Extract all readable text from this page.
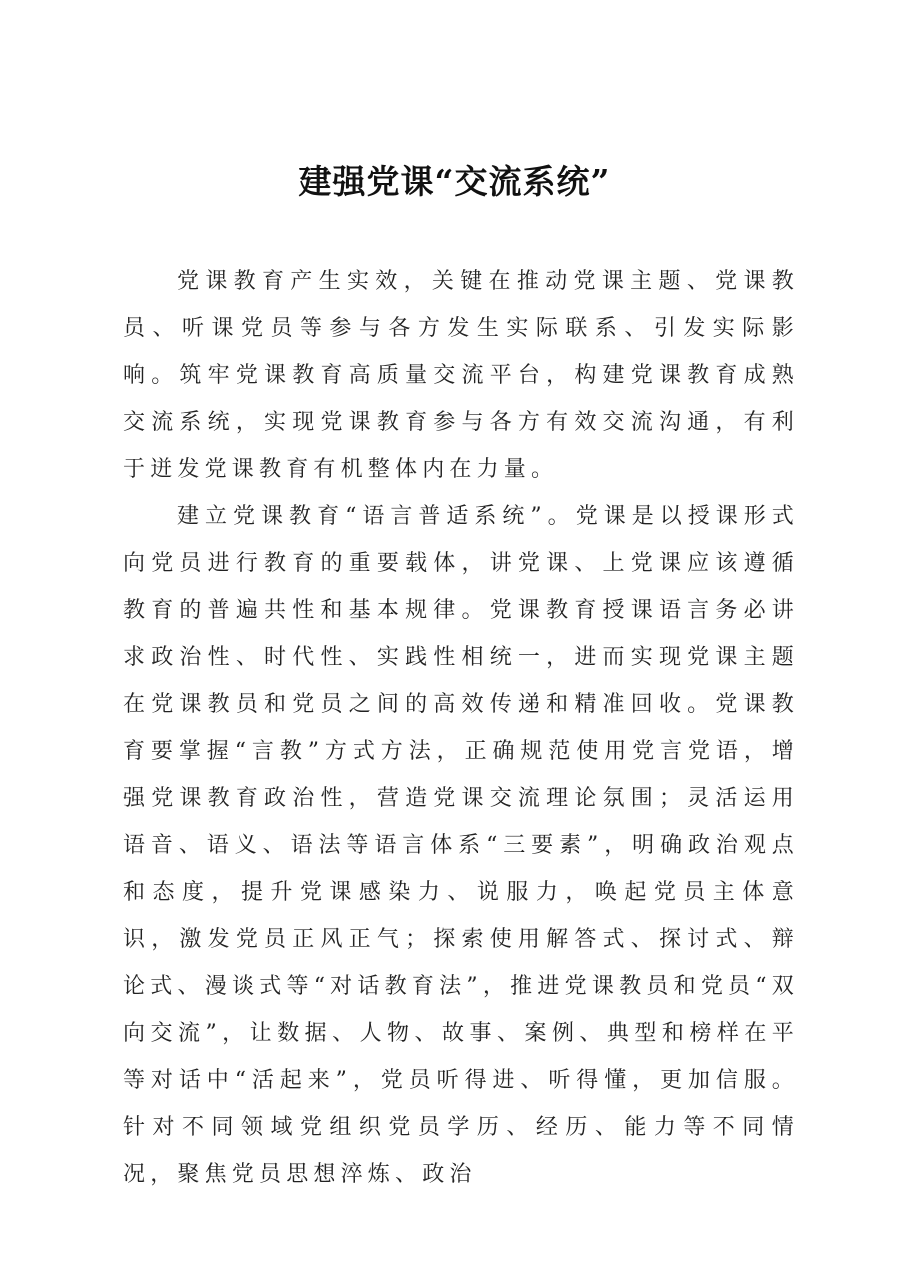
建强党课“交流系统”

党课教育产生实效，关键在推动党课主题、党课教员、听课党员等参与各方发生实际联系、引发实际影响。筑牢党课教育高质量交流平台，构建党课教育成熟交流系统，实现党课教育参与各方有效交流沟通，有利于迸发党课教育有机整体内在力量。

建立党课教育“语言普适系统”。党课是以授课形式向党员进行教育的重要载体，讲党课、上党课应该遵循教育的普遍共性和基本规律。党课教育授课语言务必讲求政治性、时代性、实践性相统一，进而实现党课主题在党课教员和党员之间的高效传递和精准回收。党课教育要掌握“言教”方式方法，正确规范使用党言党语，增强党课教育政治性，营造党课交流理论氛围；灵活运用语音、语义、语法等语言体系“三要素”，明确政治观点和态度，提升党课感染力、说服力，唤起党员主体意识，激发党员正风正气；探索使用解答式、探讨式、辩论式、漫谈式等“对话教育法”，推进党课教员和党员“双向交流”，让数据、人物、故事、案例、典型和榜样在平等对话中“活起来”，党员听得进、听得懂，更加信服。针对不同领域党组织党员学历、经历、能力等不同情况，聚焦党员思想淬炼、政治
